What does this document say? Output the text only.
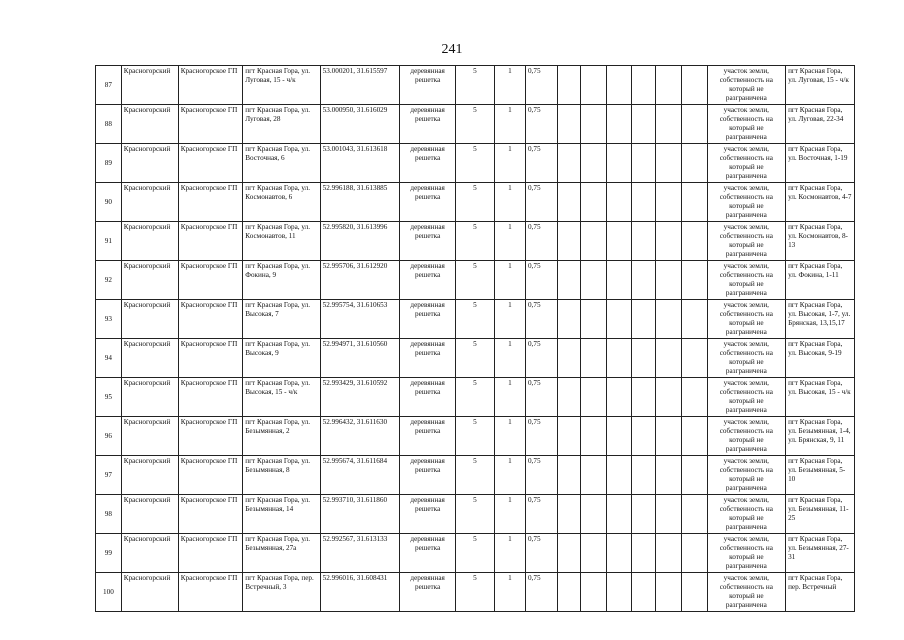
241
87	Красногорский	Красногорское ГП	пгт Красная Гора, ул. Луговая, 15 - ч/к	53.000201, 31.615597	деревянная решетка	5	1	0,75							участок земли, собственность на который не разграничена	пгт Красная Гора, ул. Луговая, 15 - ч/к
88	Красногорский	Красногорское ГП	пгт Красная Гора, ул. Луговая, 28	53.000950, 31.616029	деревянная решетка	5	1	0,75							участок земли, собственность на который не разграничена	пгт Красная Гора, ул. Луговая, 22-34
89	Красногорский	Красногорское ГП	пгт Красная Гора, ул. Восточная, 6	53.001043, 31.613618	деревянная решетка	5	1	0,75							участок земли, собственность на который не разграничена	пгт Красная Гора, ул. Восточная, 1-19
90	Красногорский	Красногорское ГП	пгт Красная Гора, ул. Космонавтов, 6	52.996188, 31.613885	деревянная решетка	5	1	0,75							участок земли, собственность на который не разграничена	пгт Красная Гора, ул. Космонавтов, 4-7
91	Красногорский	Красногорское ГП	пгт Красная Гора, ул. Космонавтов, 11	52.995820, 31.613996	деревянная решетка	5	1	0,75							участок земли, собственность на который не разграничена	пгт Красная Гора, ул. Космонавтов, 8-13
92	Красногорский	Красногорское ГП	пгт Красная Гора, ул. Фокина, 9	52.995706, 31.612920	деревянная решетка	5	1	0,75							участок земли, собственность на который не разграничена	пгт Красная Гора, ул. Фокина, 1-11
93	Красногорский	Красногорское ГП	пгт Красная Гора, ул. Высокая, 7	52.995754, 31.610653	деревянная решетка	5	1	0,75							участок земли, собственность на который не разграничена	пгт Красная Гора, ул. Высокая, 1-7, ул. Брянская, 13,15,17
94	Красногорский	Красногорское ГП	пгт Красная Гора, ул. Высокая, 9	52.994971, 31.610560	деревянная решетка	5	1	0,75							участок земли, собственность на который не разграничена	пгт Красная Гора, ул. Высокая, 9-19
95	Красногорский	Красногорское ГП	пгт Красная Гора, ул. Высокая, 15 - ч/к	52.993429, 31.610592	деревянная решетка	5	1	0,75							участок земли, собственность на который не разграничена	пгт Красная Гора, ул. Высокая, 15 - ч/к
96	Красногорский	Красногорское ГП	пгт Красная Гора, ул. Безымянная, 2	52.996432, 31.611630	деревянная решетка	5	1	0,75							участок земли, собственность на который не разграничена	пгт Красная Гора, ул. Безымянная, 1-4, ул. Брянская, 9, 11
97	Красногорский	Красногорское ГП	пгт Красная Гора, ул. Безымянная, 8	52.995674, 31.611684	деревянная решетка	5	1	0,75							участок земли, собственность на который не разграничена	пгт Красная Гора, ул. Безымянная, 5-10
98	Красногорский	Красногорское ГП	пгт Красная Гора, ул. Безымянная, 14	52.993710, 31.611860	деревянная решетка	5	1	0,75							участок земли, собственность на который не разграничена	пгт Красная Гора, ул. Безымянная, 11-25
99	Красногорский	Красногорское ГП	пгт Красная Гора, ул. Безымянная, 27а	52.992567, 31.613133	деревянная решетка	5	1	0,75							участок земли, собственность на который не разграничена	пгт Красная Гора, ул. Безымянная, 27-31
100	Красногорский	Красногорское ГП	пгт Красная Гора, пер. Встречный, 3	52.996016, 31.608431	деревянная решетка	5	1	0,75							участок земли, собственность на который не разграничена	пгт Красная Гора, пер. Встречный
